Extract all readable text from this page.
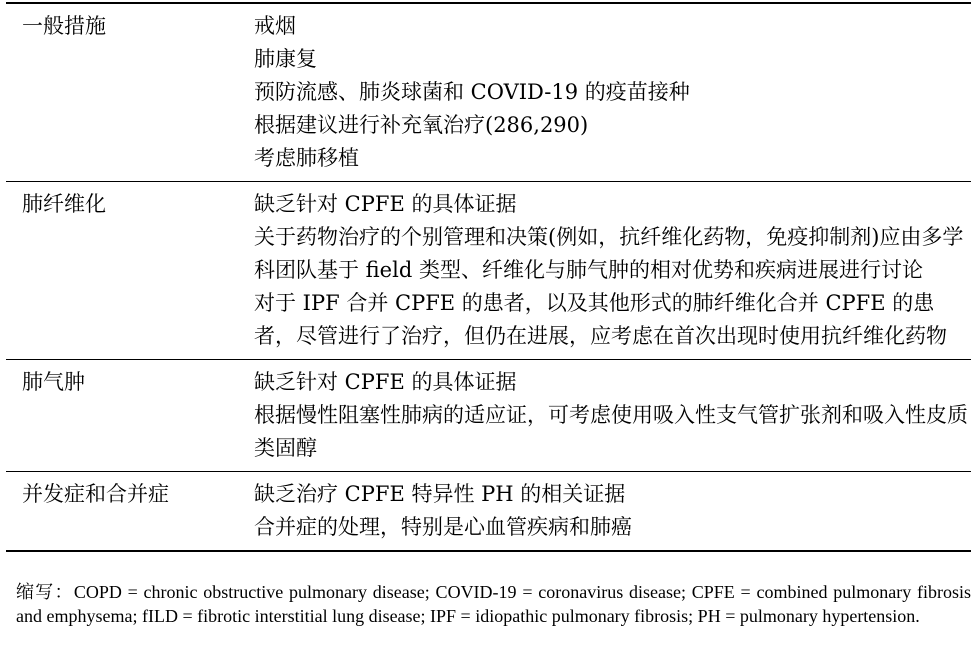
一般措施	戒烟
肺康复
预防流感、肺炎球菌和 COVID-19 的疫苗接种
根据建议进行补充氧治疗(286,290)
考虑肺移植
肺纤维化	缺乏针对 CPFE 的具体证据
关于药物治疗的个别管理和决策(例如，抗纤维化药物，免疫抑制剂)应由多学科团队基于 field 类型、纤维化与肺气肿的相对优势和疾病进展进行讨论
对于 IPF 合并 CPFE 的患者，以及其他形式的肺纤维化合并 CPFE 的患者，尽管进行了治疗，但仍在进展，应考虑在首次出现时使用抗纤维化药物
肺气肿	缺乏针对 CPFE 的具体证据
根据慢性阻塞性肺病的适应证，可考虑使用吸入性支气管扩张剂和吸入性皮质类固醇
并发症和合并症	缺乏治疗 CPFE 特异性 PH 的相关证据
合并症的处理，特别是心血管疾病和肺癌
缩写：COPD = chronic obstructive pulmonary disease; COVID-19 = coronavirus disease; CPFE = combined pulmonary fibrosis and emphysema; fILD = fibrotic interstitial lung disease; IPF = idiopathic pulmonary fibrosis; PH = pulmonary hypertension.
